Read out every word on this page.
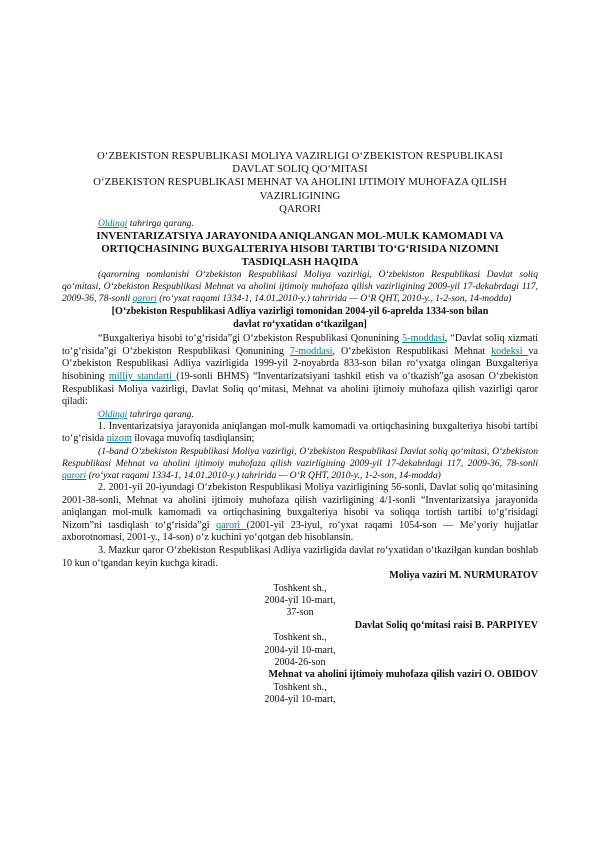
O‘ZBEKISTON RESPUBLIKASI MOLIYA VAZIRLIGI O‘ZBEKISTON RESPUBLIKASI
DAVLAT SOLIQ QO‘MITASI
O‘ZBEKISTON RESPUBLIKASI MEHNAT VA AHOLINI IJTIMOIY MUHOFAZA QILISH
VAZIRLIGINING
QARORI

Oldingi tahrirga qarang.

INVENTARIZATSIYA JARAYONIDA ANIQLANGAN MOL-MULK KAMOMADI VA
ORTIQCHASINING BUXGALTERIYA HISOBI TARTIBI TO‘G‘RISIDA NIZOMNI
TASDIQLASH HAQIDA

(qarorning nomlanishi O‘zbekiston Respublikasi Moliya vazirligi, O‘zbekiston Respublikasi Davlat soliq qo‘mitasi, O‘zbekiston Respublikasi Mehnat va aholini ijtimoiy muhofaza qilish vazirligining 2009-yil 17-dekabrdagi 117, 2009-36, 78-sonli qarori (ro‘yxat raqami 1334-1, 14.01.2010-y.) tahririda — O‘R QHT, 2010-y., 1-2-son, 14-modda)

[O‘zbekiston Respublikasi Adliya vazirligi tomonidan 2004-yil 6-aprelda 1334-son bilan
davlat ro‘yxatidan o‘tkazilgan]

“Buxgalteriya hisobi to‘g‘risida”gi O‘zbekiston Respublikasi Qonunining 5-moddasi, “Davlat soliq xizmati to‘g‘risida”gi O‘zbekiston Respublikasi Qonunining 7-moddasi, O‘zbekiston Respublikasi Mehnat kodeksi va O‘zbekiston Respublikasi Adliya vazirligida 1999-yil 2-noyabrda 833-son bilan ro‘yxatga olingan Buxgalteriya hisobining milliy standarti (19-sonli BHMS) “Inventarizatsiyani tashkil etish va o‘tkazish”ga asosan O‘zbekiston Respublikasi Moliya vazirligi, Davlat Soliq qo‘mitasi, Mehnat va aholini ijtimoiy muhofaza qilish vazirligi qaror qiladi:

Oldingi tahrirga qarang.

1. Inventarizatsiya jarayonida aniqlangan mol-mulk kamomadi va ortiqchasining buxgalteriya hisobi tartibi to‘g‘risida nizom ilovaga muvofiq tasdiqlansin;

(1-band O‘zbekiston Respublikasi Moliya vazirligi, O‘zbekiston Respublikasi Davlat soliq qo‘mitasi, O‘zbekiston Respublikasi Mehnat va aholini ijtimoiy muhofaza qilish vazirligining 2009-yil 17-dekabrdagi 117, 2009-36, 78-sonli qarori (ro‘yxat raqami 1334-1, 14.01.2010-y.) tahririda — O‘R QHT, 2010-y., 1-2-son, 14-modda)

2. 2001-yil 20-iyundagi O‘zbekiston Respublikasi Moliya vazirligining 56-sonli, Davlat soliq qo‘mitasining 2001-38-sonli, Mehnat va aholini ijtimoiy muhofaza qilish vazirligining 4/1-sonli “Inventarizatsiya jarayonida aniqlangan mol-mulk kamomadi va ortiqchasining buxgalteriya hisobi va soliqqa tortish tartibi to‘g‘risidagi Nizom”ni tasdiqlash to‘g‘risida”gi qarori (2001-yil 23-iyul, ro‘yxat raqami 1054-son — Me’yoriy hujjatlar axborotnomasi, 2001-y., 14-son) o‘z kuchini yo‘qotgan deb hisoblansin.

3. Mazkur qaror O‘zbekiston Respublikasi Adliya vazirligida davlat ro‘yxatidan o‘tkazilgan kundan boshlab 10 kun o‘tgandan keyin kuchga kiradi.

Moliya vaziri M. NURMURATOV
Toshkent sh.,
2004-yil 10-mart,
37-son
Davlat Soliq qo‘mitasi raisi B. PARPIYEV
Toshkent sh.,
2004-yil 10-mart,
2004-26-son
Mehnat va aholini ijtimoiy muhofaza qilish vaziri O. OBIDOV
Toshkent sh.,
2004-yil 10-mart,
